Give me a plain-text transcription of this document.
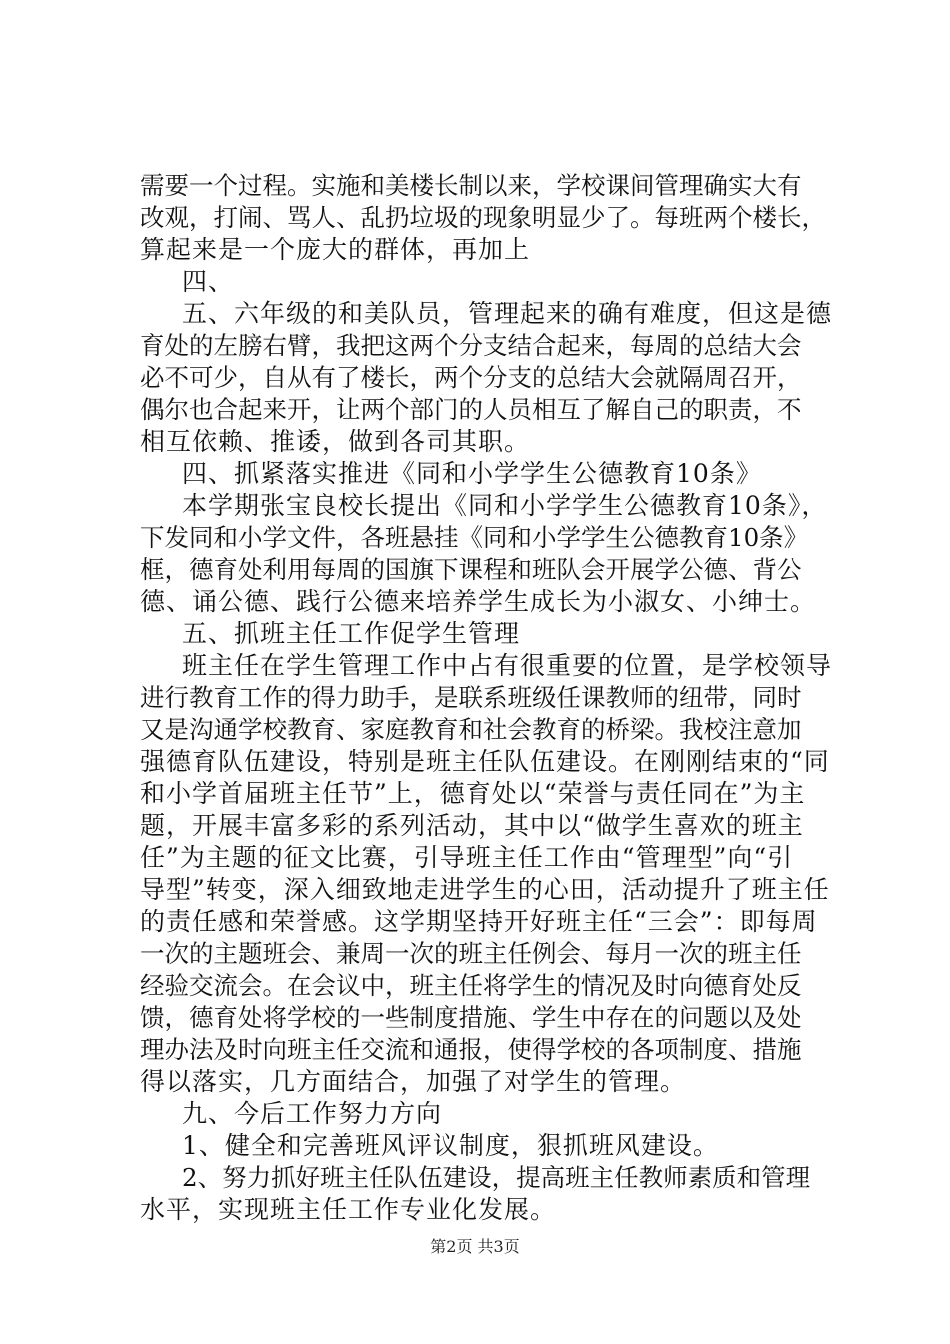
需要一个过程。实施和美楼长制以来，学校课间管理确实大有
改观，打闹、骂人、乱扔垃圾的现象明显少了。每班两个楼长，
算起来是一个庞大的群体，再加上
四、
五、六年级的和美队员，管理起来的确有难度，但这是德
育处的左膀右臂，我把这两个分支结合起来，每周的总结大会
必不可少，自从有了楼长，两个分支的总结大会就隔周召开，
偶尔也合起来开，让两个部门的人员相互了解自己的职责，不
相互依赖、推诿，做到各司其职。
四、抓紧落实推进《同和小学学生公德教育10条》
本学期张宝良校长提出《同和小学学生公德教育10条》，
下发同和小学文件，各班悬挂《同和小学学生公德教育10条》
框，德育处利用每周的国旗下课程和班队会开展学公德、背公
德、诵公德、践行公德来培养学生成长为小淑女、小绅士。
五、抓班主任工作促学生管理
班主任在学生管理工作中占有很重要的位置，是学校领导
进行教育工作的得力助手，是联系班级任课教师的纽带，同时
又是沟通学校教育、家庭教育和社会教育的桥梁。我校注意加
强德育队伍建设，特别是班主任队伍建设。在刚刚结束的“同
和小学首届班主任节”上，德育处以“荣誉与责任同在”为主
题，开展丰富多彩的系列活动，其中以“做学生喜欢的班主
任”为主题的征文比赛，引导班主任工作由“管理型”向“引
导型”转变，深入细致地走进学生的心田，活动提升了班主任
的责任感和荣誉感。这学期坚持开好班主任“三会”：即每周
一次的主题班会、兼周一次的班主任例会、每月一次的班主任
经验交流会。在会议中，班主任将学生的情况及时向德育处反
馈，德育处将学校的一些制度措施、学生中存在的问题以及处
理办法及时向班主任交流和通报，使得学校的各项制度、措施
得以落实，几方面结合，加强了对学生的管理。
九、今后工作努力方向
1、健全和完善班风评议制度，狠抓班风建设。
2、努力抓好班主任队伍建设，提高班主任教师素质和管理
水平，实现班主任工作专业化发展。
第2页 共3页
